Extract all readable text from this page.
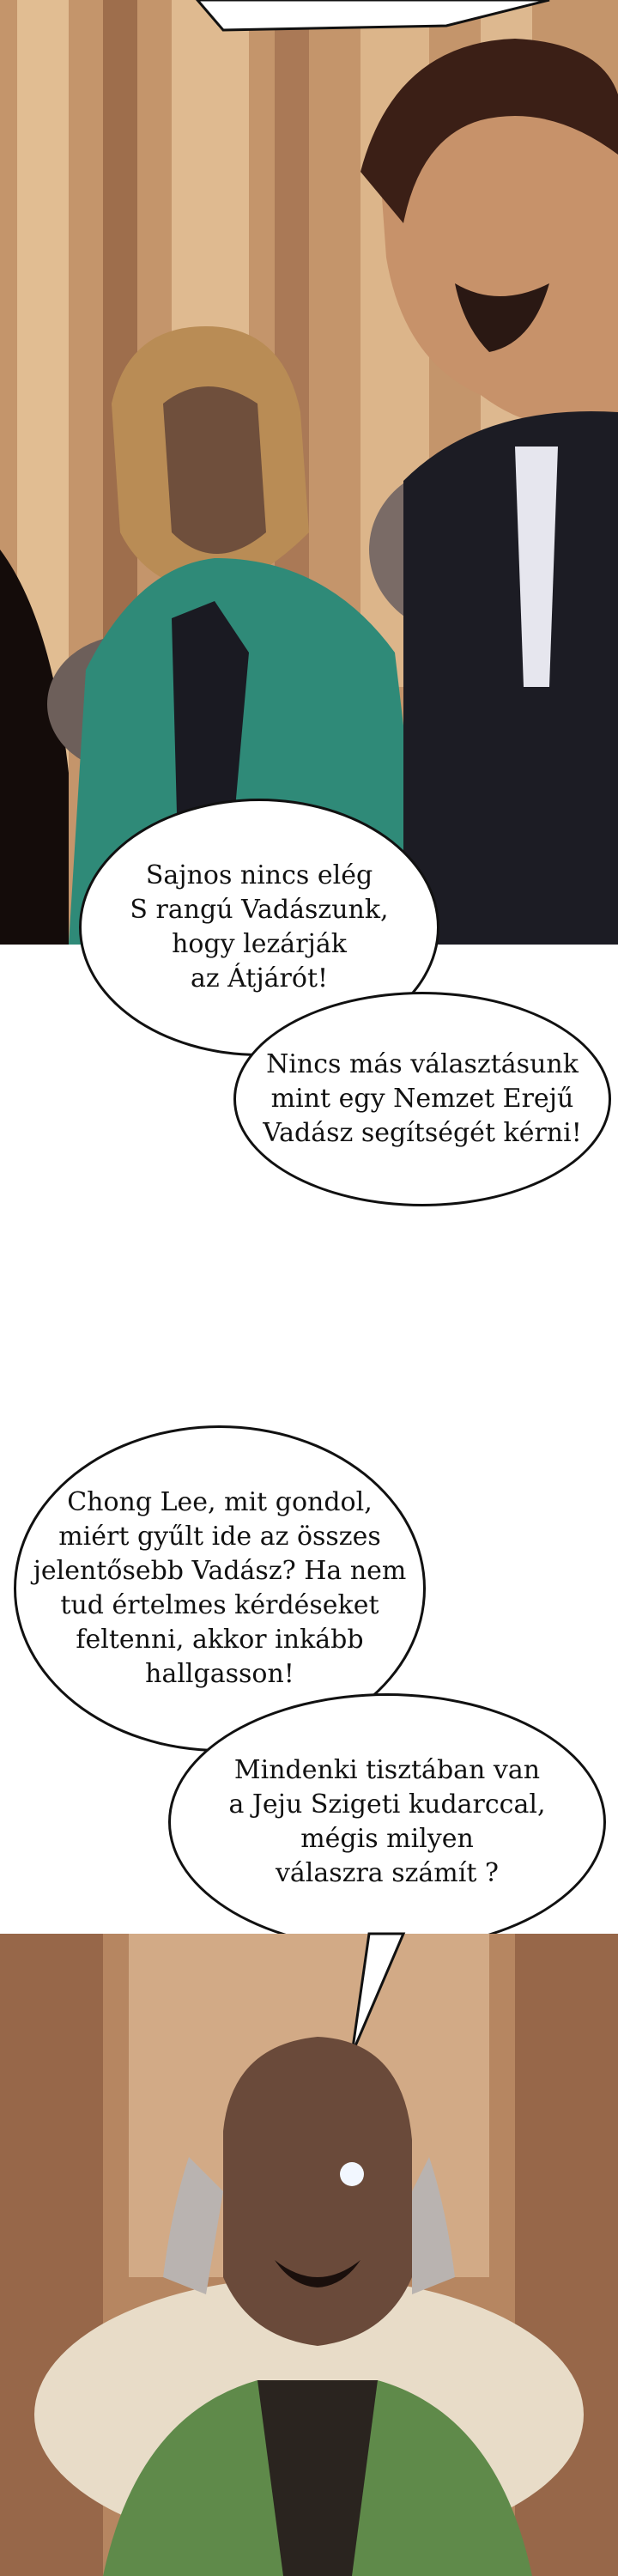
Sajnos nincs elég
S rangú Vadászunk,
hogy lezárják
az Átjárót!

Nincs más választásunk
mint egy Nemzet Erejű
Vadász segítségét kérni!

Chong Lee, mit gondol,
miért gyűlt ide az összes
jelentősebb Vadász? Ha nem
tud értelmes kérdéseket
feltenni, akkor inkább
hallgasson!

Mindenki tisztában van
a Jeju Szigeti kudarccal,
mégis milyen
válaszra számít ?
